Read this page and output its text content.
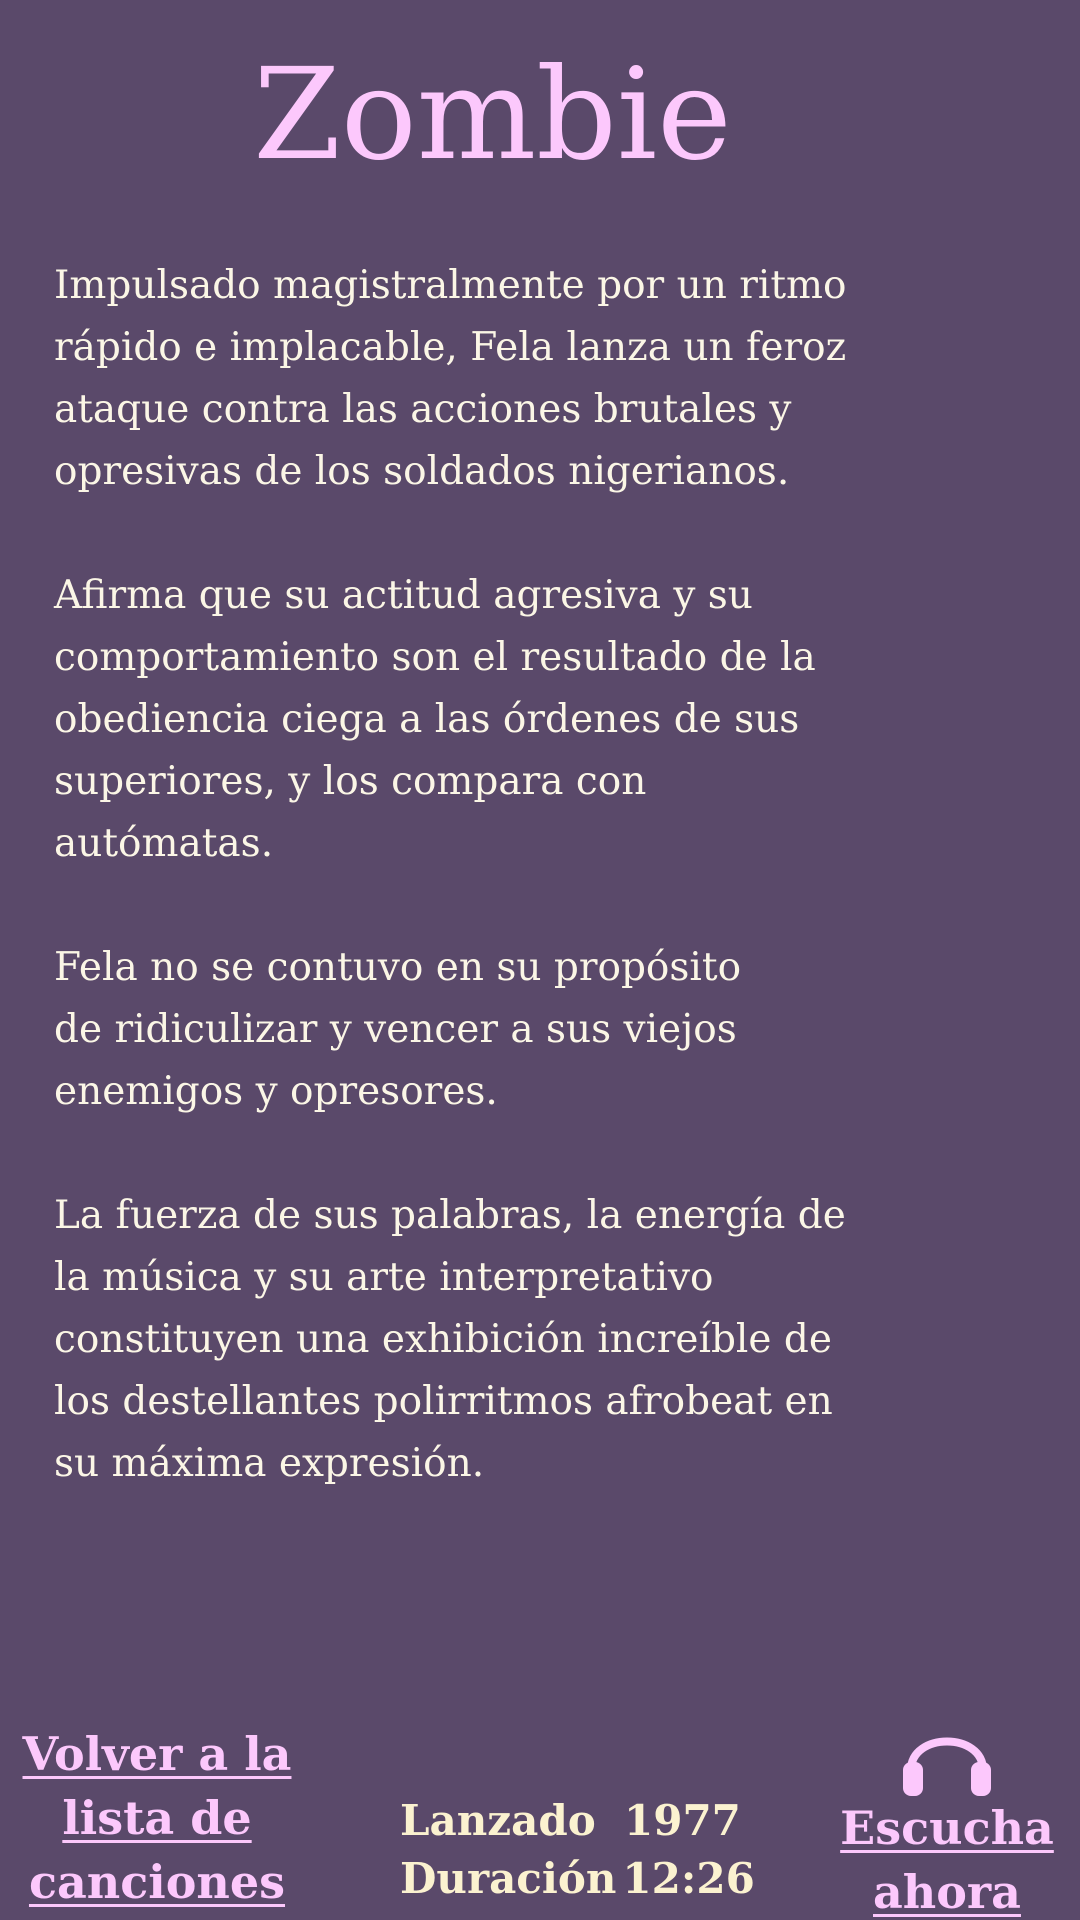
Zombie

Impulsado magistralmente por un ritmo
rápido e implacable, Fela lanza un feroz
ataque contra las acciones brutales y
opresivas de los soldados nigerianos.

Afirma que su actitud agresiva y su
comportamiento son el resultado de la
obediencia ciega a las órdenes de sus
superiores, y los compara con
autómatas.

Fela no se contuvo en su propósito
de ridiculizar y vencer a sus viejos
enemigos y opresores.

La fuerza de sus palabras, la energía de
la música y su arte interpretativo
constituyen una exhibición increíble de
los destellantes polirritmos afrobeat en
su máxima expresión.

Volver a la
lista de
canciones
Lanzado 1977
Duración 12:26
Escucha
ahora
